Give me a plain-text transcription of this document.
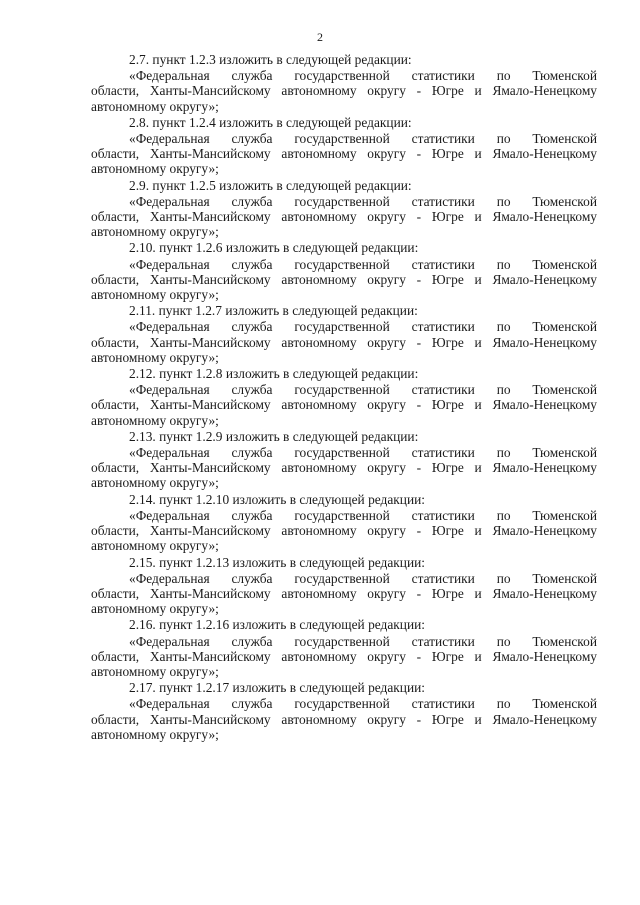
2

2.7. пункт 1.2.3 изложить в следующей редакции:

«Федеральная служба государственной статистики по Тюменской
области, Ханты-Мансийскому автономному округу - Югре и Ямало-Ненецкому
автономному округу»;

2.8. пункт 1.2.4 изложить в следующей редакции:

«Федеральная служба государственной статистики по Тюменской
области, Ханты-Мансийскому автономному округу - Югре и Ямало-Ненецкому
автономному округу»;

2.9. пункт 1.2.5 изложить в следующей редакции:

«Федеральная служба государственной статистики по Тюменской
области, Ханты-Мансийскому автономному округу - Югре и Ямало-Ненецкому
автономному округу»;

2.10. пункт 1.2.6 изложить в следующей редакции:

«Федеральная служба государственной статистики по Тюменской
области, Ханты-Мансийскому автономному округу - Югре и Ямало-Ненецкому
автономному округу»;

2.11. пункт 1.2.7 изложить в следующей редакции:

«Федеральная служба государственной статистики по Тюменской
области, Ханты-Мансийскому автономному округу - Югре и Ямало-Ненецкому
автономному округу»;

2.12. пункт 1.2.8 изложить в следующей редакции:

«Федеральная служба государственной статистики по Тюменской
области, Ханты-Мансийскому автономному округу - Югре и Ямало-Ненецкому
автономному округу»;

2.13. пункт 1.2.9 изложить в следующей редакции:

«Федеральная служба государственной статистики по Тюменской
области, Ханты-Мансийскому автономному округу - Югре и Ямало-Ненецкому
автономному округу»;

2.14. пункт 1.2.10 изложить в следующей редакции:

«Федеральная служба государственной статистики по Тюменской
области, Ханты-Мансийскому автономному округу - Югре и Ямало-Ненецкому
автономному округу»;

2.15. пункт 1.2.13 изложить в следующей редакции:

«Федеральная служба государственной статистики по Тюменской
области, Ханты-Мансийскому автономному округу - Югре и Ямало-Ненецкому
автономному округу»;

2.16. пункт 1.2.16 изложить в следующей редакции:

«Федеральная служба государственной статистики по Тюменской
области, Ханты-Мансийскому автономному округу - Югре и Ямало-Ненецкому
автономному округу»;

2.17. пункт 1.2.17 изложить в следующей редакции:

«Федеральная служба государственной статистики по Тюменской
области, Ханты-Мансийскому автономному округу - Югре и Ямало-Ненецкому
автономному округу»;
